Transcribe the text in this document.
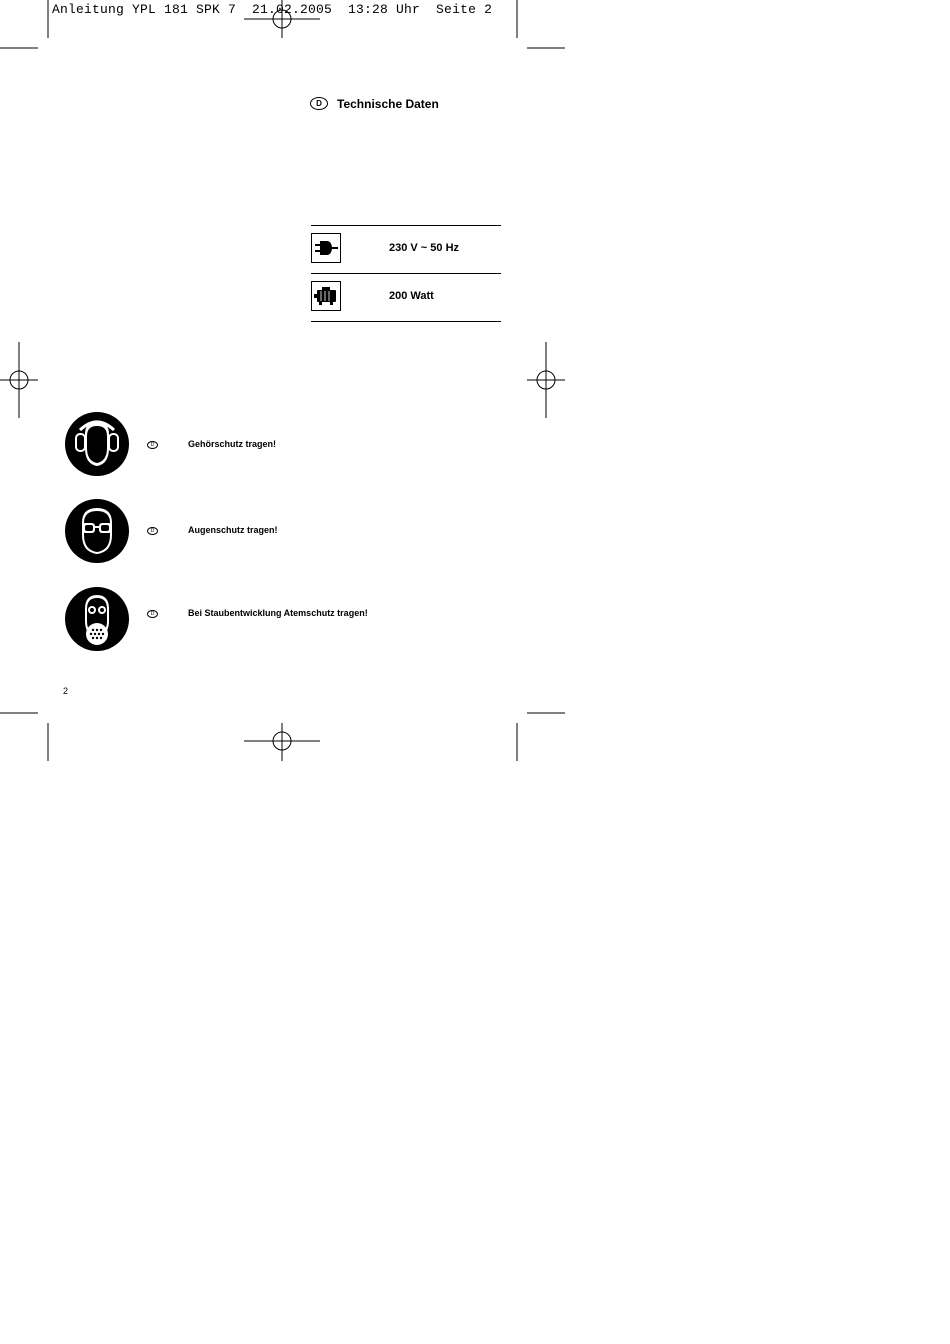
Anleitung YPL 181 SPK 7  21.02.2005  13:28 Uhr  Seite 2
D	Technische Daten
230 V ~ 50 Hz
200 Watt
D	Gehörschutz tragen!
D	Augenschutz tragen!
D	Bei Staubentwicklung Atemschutz tragen!
2
